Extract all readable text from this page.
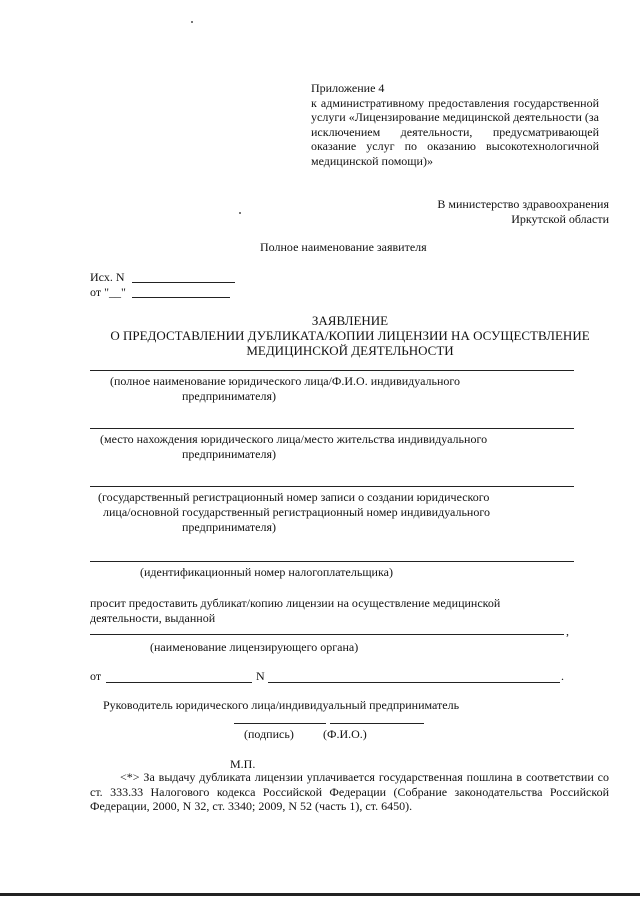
Приложение 4
к административному предоставления государственной услуги «Лицензирование медицинской деятельности (за исключением деятельности, предусматривающей оказание услуг по оказанию высокотехнологичной медицинской помощи)»
В министерство здравоохранения
Иркутской области
Полное наименование заявителя
Исх. N
от "__"
ЗАЯВЛЕНИЕ
О ПРЕДОСТАВЛЕНИИ ДУБЛИКАТА/КОПИИ ЛИЦЕНЗИИ НА ОСУЩЕСТВЛЕНИЕ
МЕДИЦИНСКОЙ ДЕЯТЕЛЬНОСТИ
(полное наименование юридического лица/Ф.И.О. индивидуального
предпринимателя)
(место нахождения юридического лица/место жительства индивидуального
предпринимателя)
(государственный регистрационный номер записи о создании юридического
лица/основной государственный регистрационный номер индивидуального
предпринимателя)
(идентификационный номер налогоплательщика)
просит предоставить дубликат/копию лицензии на осуществление медицинской
деятельности, выданной
,
(наименование лицензирующего органа)
от	N	.
Руководитель юридического лица/индивидуальный предприниматель
(подпись) (Ф.И.О.)
М.П.
<*> За выдачу дубликата лицензии уплачивается государственная пошлина в соответствии со ст. 333.33 Налогового кодекса Российской Федерации (Собрание законодательства Российской Федерации, 2000, N 32, ст. 3340; 2009, N 52 (часть 1), ст. 6450).
